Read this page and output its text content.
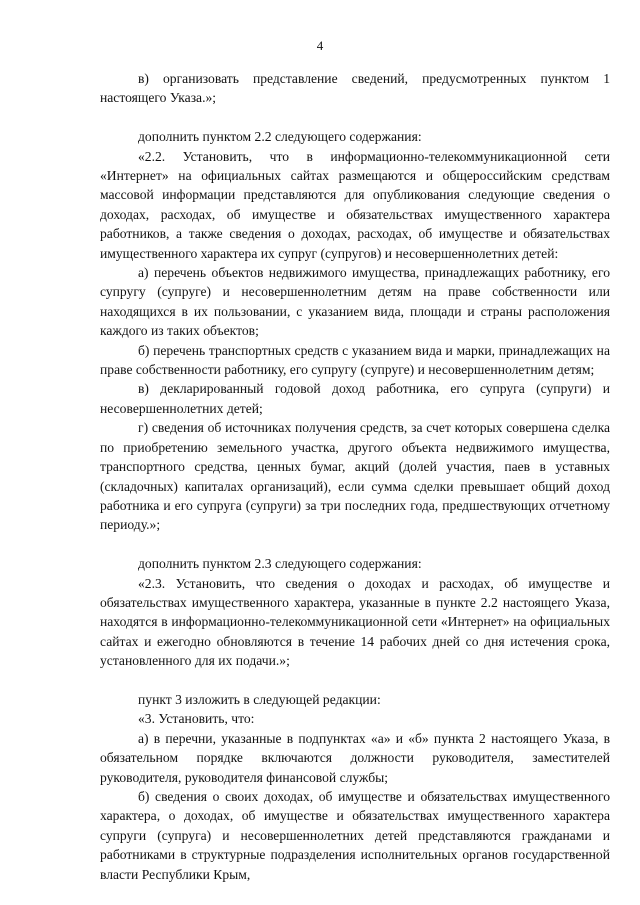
4

в) организовать представление сведений, предусмотренных пунктом 1 настоящего Указа.»;

дополнить пунктом 2.2 следующего содержания:

«2.2. Установить, что в информационно-телекоммуникационной сети «Интернет» на официальных сайтах размещаются и общероссийским средствам массовой информации представляются для опубликования следующие сведения о доходах, расходах, об имуществе и обязательствах имущественного характера работников, а также сведения о доходах, расходах, об имуществе и обязательствах имущественного характера их супруг (супругов) и несовершеннолетних детей:

а) перечень объектов недвижимого имущества, принадлежащих работнику, его супругу (супруге) и несовершеннолетним детям на праве собственности или находящихся в их пользовании, с указанием вида, площади и страны расположения каждого из таких объектов;

б) перечень транспортных средств с указанием вида и марки, принадлежащих на праве собственности работнику, его супругу (супруге) и несовершеннолетним детям;

в) декларированный годовой доход работника, его супруга (супруги) и несовершеннолетних детей;

г) сведения об источниках получения средств, за счет которых совершена сделка по приобретению земельного участка, другого объекта недвижимого имущества, транспортного средства, ценных бумаг, акций (долей участия, паев в уставных (складочных) капиталах организаций), если сумма сделки превышает общий доход работника и его супруга (супруги) за три последних года, предшествующих отчетному периоду.»;

дополнить пунктом 2.3 следующего содержания:

«2.3. Установить, что сведения о доходах и расходах, об имуществе и обязательствах имущественного характера, указанные в пункте 2.2 настоящего Указа, находятся в информационно-телекоммуникационной сети «Интернет» на официальных сайтах и ежегодно обновляются в течение 14 рабочих дней со дня истечения срока, установленного для их подачи.»;

пункт 3 изложить в следующей редакции:

«3. Установить, что:

а) в перечни, указанные в подпунктах «а» и «б» пункта 2 настоящего Указа, в обязательном порядке включаются должности руководителя, заместителей руководителя, руководителя финансовой службы;

б) сведения о своих доходах, об имуществе и обязательствах имущественного характера, о доходах, об имуществе и обязательствах имущественного характера супруги (супруга) и несовершеннолетних детей представляются гражданами и работниками в структурные подразделения исполнительных органов государственной власти Республики Крым,
